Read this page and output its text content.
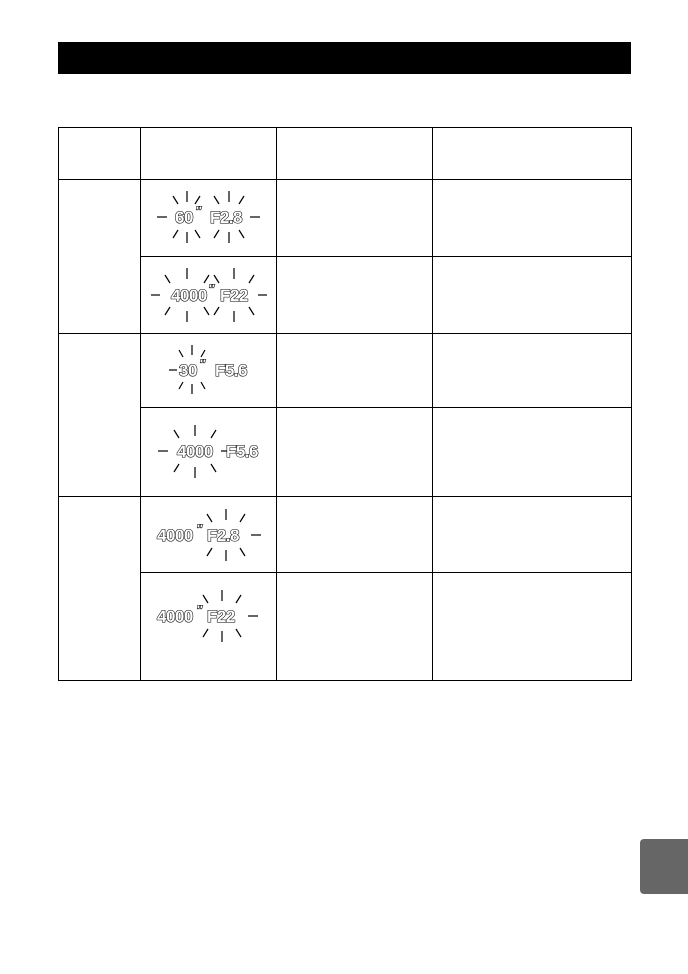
60 ″ F2.8		

4000 ″ F22		

30 ″ F5.6		

4000 F5.6		

4000 ″ F2.8		

4000 ″ F22		
